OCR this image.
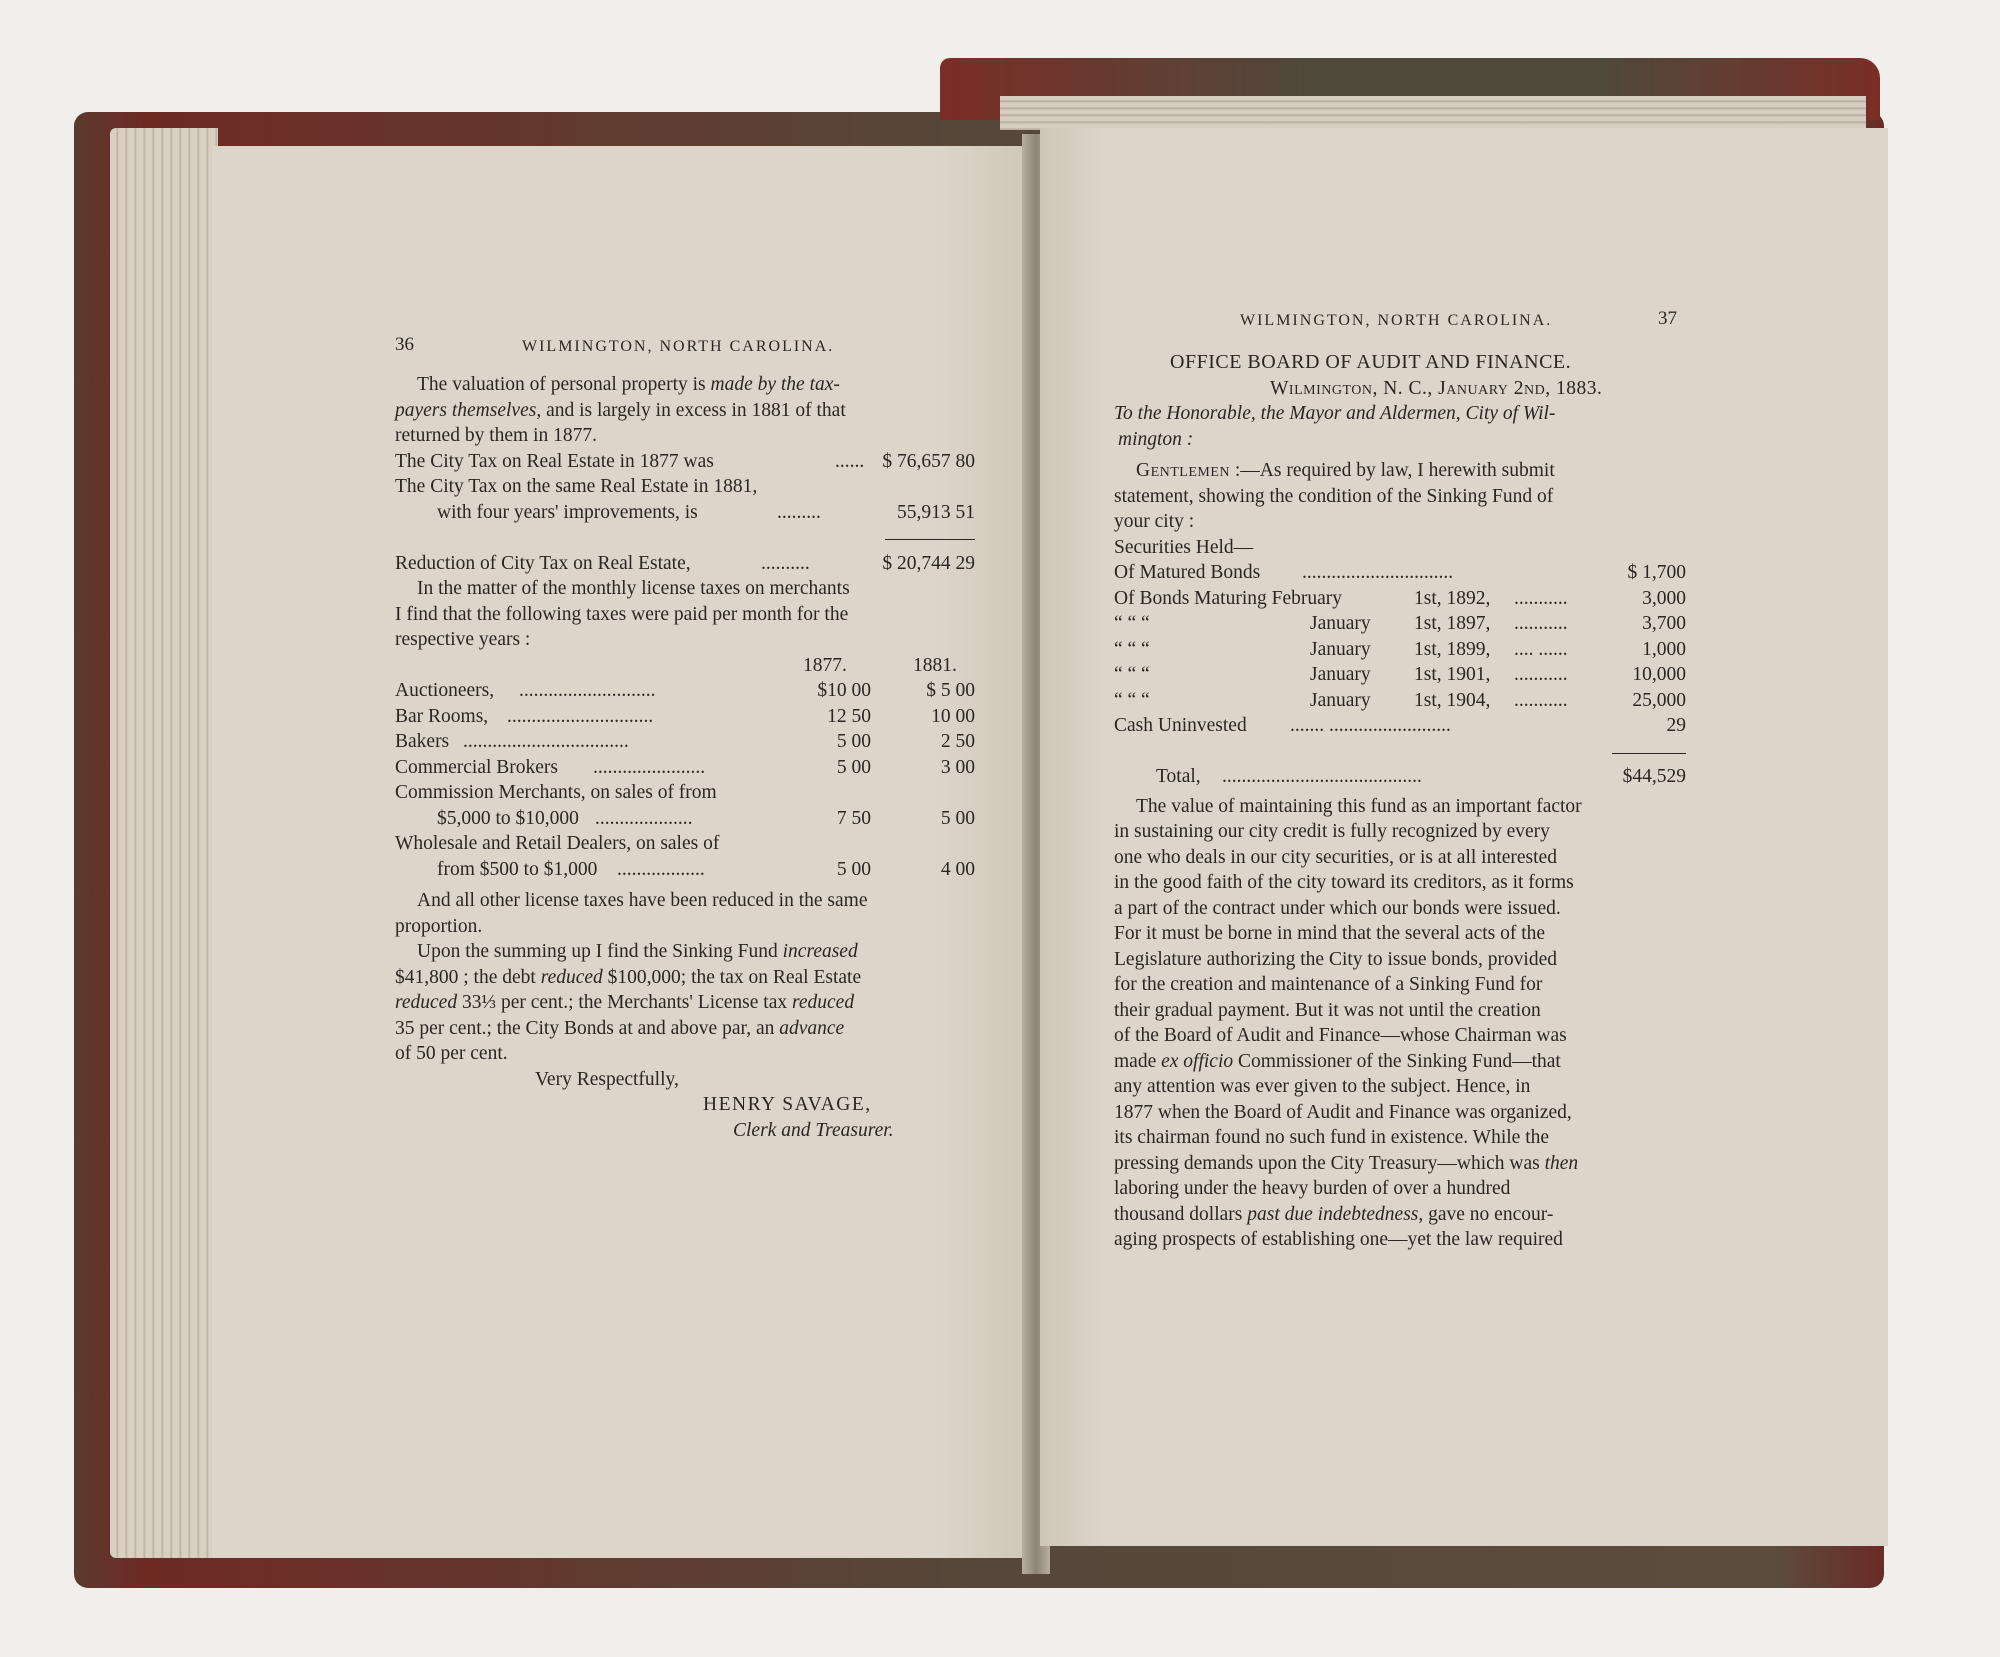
36	WILMINGTON, NORTH CAROLINA.
The valuation of personal property is made by the tax-
payers themselves, and is largely in excess in 1881 of that
returned by them in 1877.
The City Tax on Real Estate in 1877 was	...... $ 76,657 80
The City Tax on the same Real Estate in 1881,
with four years' improvements, is	.........	55,913 51
Reduction of City Tax on Real Estate,	..........	$ 20,744 29
In the matter of the monthly license taxes on merchants
I find that the following taxes were paid per month for the
respective years :
1877.	1881.
Auctioneers, ............................	$10 00	$ 5 00
Bar Rooms, ..............................	12 50	10 00
Bakers ..................................	5 00	2 50
Commercial Brokers .......................	5 00	3 00
Commission Merchants, on sales of from
$5,000 to $10,000 ....................	7 50	5 00
Wholesale and Retail Dealers, on sales of
from $500 to $1,000 ..................	5 00	4 00
And all other license taxes have been reduced in the same
proportion.
Upon the summing up I find the Sinking Fund increased
$41,800 ; the debt reduced $100,000; the tax on Real Estate
reduced 33⅓ per cent.; the Merchants' License tax reduced
35 per cent.; the City Bonds at and above par, an advance
of 50 per cent.
Very Respectfully,
HENRY SAVAGE,
Clerk and Treasurer.
WILMINGTON, NORTH CAROLINA.	37
OFFICE BOARD OF AUDIT AND FINANCE.
Wilmington, N. C., January 2nd, 1883.
To the Honorable, the Mayor and Aldermen, City of Wil-
mington :
Gentlemen :—As required by law, I herewith submit
statement, showing the condition of the Sinking Fund of
your city :
Securities Held—
Of Matured Bonds ...............................	$ 1,700
Of Bonds Maturing February	1st, 1892, ...........	3,000
“ “ “	January 1st, 1897, ...........	3,700
“ “ “	January 1st, 1899, .... ......	1,000
“ “ “	January 1st, 1901, ...........	10,000
“ “ “	January 1st, 1904, ...........	25,000
Cash Uninvested ....... .........................	29
Total, .........................................	$44,529
The value of maintaining this fund as an important factor
in sustaining our city credit is fully recognized by every
one who deals in our city securities, or is at all interested
in the good faith of the city toward its creditors, as it forms
a part of the contract under which our bonds were issued.
For it must be borne in mind that the several acts of the
Legislature authorizing the City to issue bonds, provided
for the creation and maintenance of a Sinking Fund for
their gradual payment. But it was not until the creation
of the Board of Audit and Finance—whose Chairman was
made ex officio Commissioner of the Sinking Fund—that
any attention was ever given to the subject. Hence, in
1877 when the Board of Audit and Finance was organized,
its chairman found no such fund in existence. While the
pressing demands upon the City Treasury—which was then
laboring under the heavy burden of over a hundred
thousand dollars past due indebtedness, gave no encour-
aging prospects of establishing one—yet the law required
